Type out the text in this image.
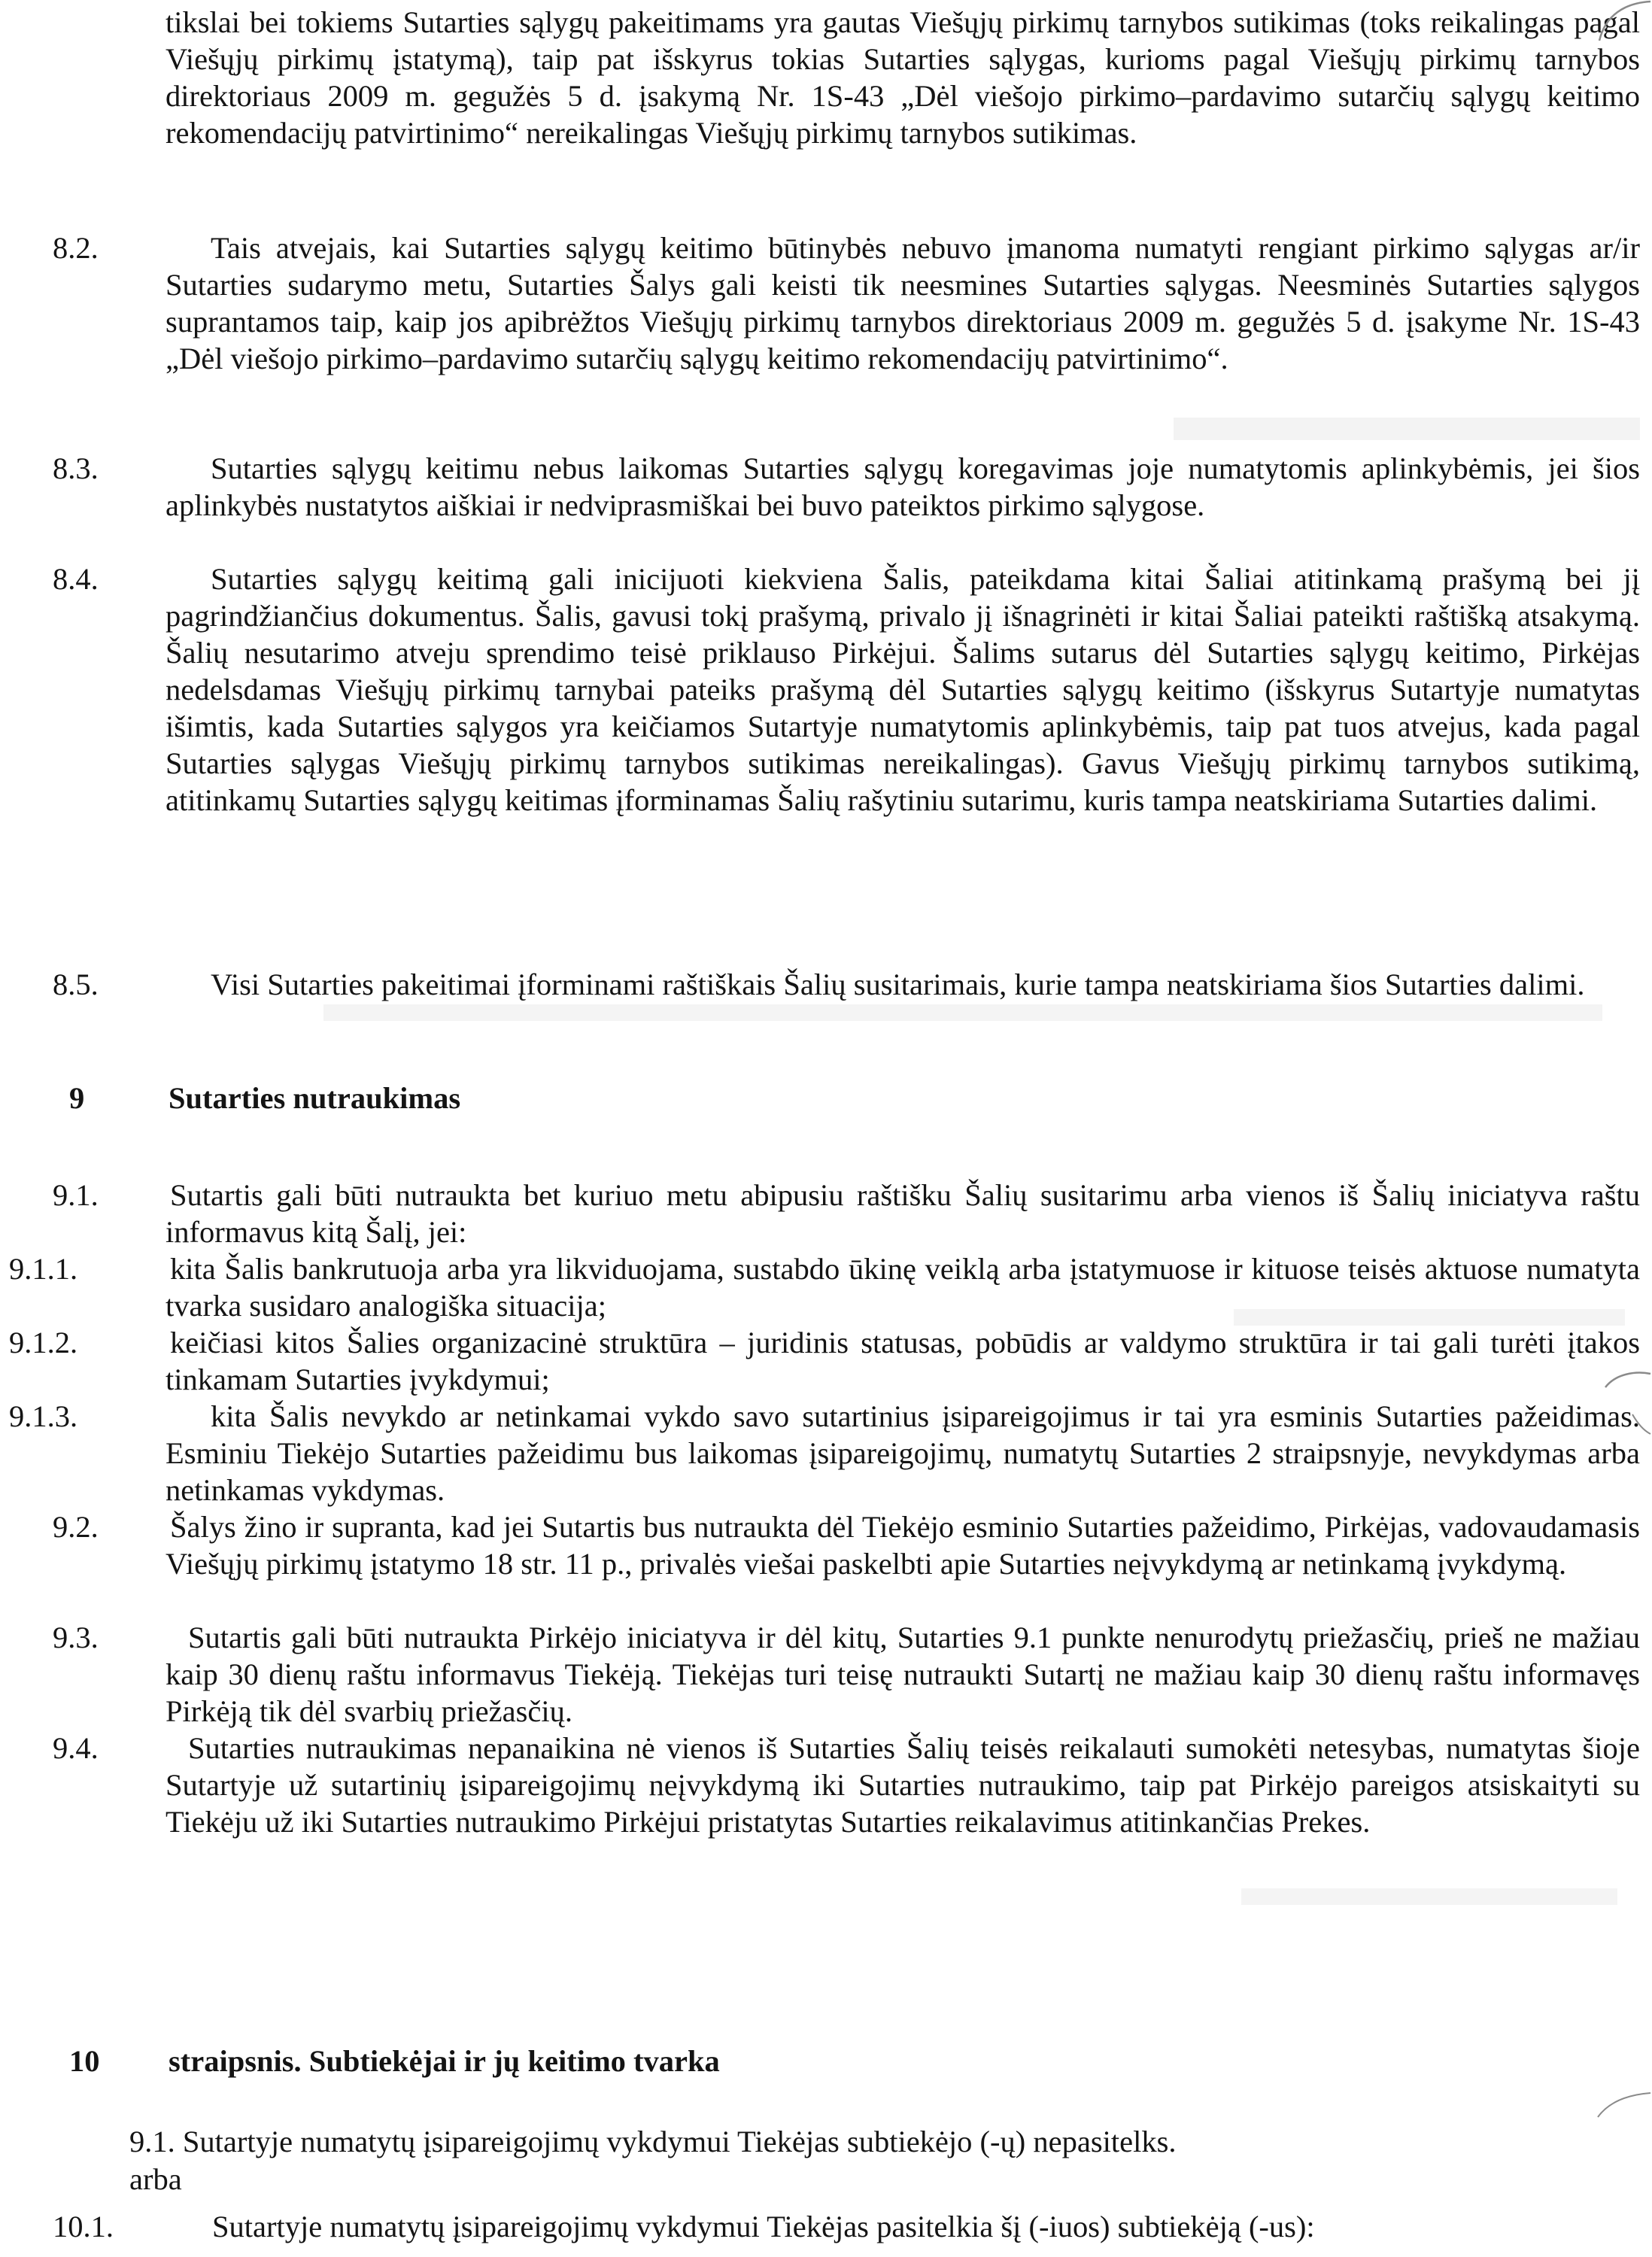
tikslai bei tokiems Sutarties sąlygų pakeitimams yra gautas Viešųjų pirkimų tarnybos sutikimas (toks reikalingas pagal Viešųjų pirkimų įstatymą), taip pat išskyrus tokias Sutarties sąlygas, kurioms pagal Viešųjų pirkimų tarnybos direktoriaus 2009 m. gegužės 5 d. įsakymą Nr. 1S-43 „Dėl viešojo pirkimo–pardavimo sutarčių sąlygų keitimo rekomendacijų patvirtinimo“ nereikalingas Viešųjų pirkimų tarnybos sutikimas.
8.2.	Tais atvejais, kai Sutarties sąlygų keitimo būtinybės nebuvo įmanoma numatyti rengiant pirkimo sąlygas ar/ir Sutarties sudarymo metu, Sutarties Šalys gali keisti tik neesmines Sutarties sąlygas. Neesminės Sutarties sąlygos suprantamos taip, kaip jos apibrėžtos Viešųjų pirkimų tarnybos direktoriaus 2009 m. gegužės 5 d. įsakyme Nr. 1S-43 „Dėl viešojo pirkimo–pardavimo sutarčių sąlygų keitimo rekomendacijų patvirtinimo“.
8.3.	Sutarties sąlygų keitimu nebus laikomas Sutarties sąlygų koregavimas joje numatytomis aplinkybėmis, jei šios aplinkybės nustatytos aiškiai ir nedviprasmiškai bei buvo pateiktos pirkimo sąlygose.
8.4.	Sutarties sąlygų keitimą gali inicijuoti kiekviena Šalis, pateikdama kitai Šaliai atitinkamą prašymą bei jį pagrindžiančius dokumentus. Šalis, gavusi tokį prašymą, privalo jį išnagrinėti ir kitai Šaliai pateikti raštišką atsakymą. Šalių nesutarimo atveju sprendimo teisė priklauso Pirkėjui. Šalims sutarus dėl Sutarties sąlygų keitimo, Pirkėjas nedelsdamas Viešųjų pirkimų tarnybai pateiks prašymą dėl Sutarties sąlygų keitimo (išskyrus Sutartyje numatytas išimtis, kada Sutarties sąlygos yra keičiamos Sutartyje numatytomis aplinkybėmis, taip pat tuos atvejus, kada pagal Sutarties sąlygas Viešųjų pirkimų tarnybos sutikimas nereikalingas). Gavus Viešųjų pirkimų tarnybos sutikimą, atitinkamų Sutarties sąlygų keitimas įforminamas Šalių rašytiniu sutarimu, kuris tampa neatskiriama Sutarties dalimi.
8.5.	Visi Sutarties pakeitimai įforminami raštiškais Šalių susitarimais, kurie tampa neatskiriama šios Sutarties dalimi.
9	Sutarties nutraukimas
9.1. Sutartis gali būti nutraukta bet kuriuo metu abipusiu raštišku Šalių susitarimu arba vienos iš Šalių iniciatyva raštu informavus kitą Šalį, jei:
9.1.1.	kita Šalis bankrutuoja arba yra likviduojama, sustabdo ūkinę veiklą arba įstatymuose ir kituose teisės aktuose numatyta tvarka susidaro analogiška situacija;
9.1.2.	keičiasi kitos Šalies organizacinė struktūra – juridinis statusas, pobūdis ar valdymo struktūra ir tai gali turėti įtakos tinkamam Sutarties įvykdymui;
9.1.3.	kita Šalis nevykdo ar netinkamai vykdo savo sutartinius įsipareigojimus ir tai yra esminis Sutarties pažeidimas. Esminiu Tiekėjo Sutarties pažeidimu bus laikomas įsipareigojimų, numatytų Sutarties 2 straipsnyje, nevykdymas arba netinkamas vykdymas.
9.2. Šalys žino ir supranta, kad jei Sutartis bus nutraukta dėl Tiekėjo esminio Sutarties pažeidimo, Pirkėjas, vadovaudamasis Viešųjų pirkimų įstatymo 18 str. 11 p., privalės viešai paskelbti apie Sutarties neįvykdymą ar netinkamą įvykdymą.
9.3.	Sutartis gali būti nutraukta Pirkėjo iniciatyva ir dėl kitų, Sutarties 9.1 punkte nenurodytų priežasčių, prieš ne mažiau kaip 30 dienų raštu informavus Tiekėją. Tiekėjas turi teisę nutraukti Sutartį ne mažiau kaip 30 dienų raštu informavęs Pirkėją tik dėl svarbių priežasčių.
9.4.	Sutarties nutraukimas nepanaikina nė vienos iš Sutarties Šalių teisės reikalauti sumokėti netesybas, numatytas šioje Sutartyje už sutartinių įsipareigojimų neįvykdymą iki Sutarties nutraukimo, taip pat Pirkėjo pareigos atsiskaityti su Tiekėju už iki Sutarties nutraukimo Pirkėjui pristatytas Sutarties reikalavimus atitinkančias Prekes.
10 straipsnis. Subtiekėjai ir jų keitimo tvarka
9.1. Sutartyje numatytų įsipareigojimų vykdymui Tiekėjas subtiekėjo (-ų) nepasitelks.
arba
10.1.	Sutartyje numatytų įsipareigojimų vykdymui Tiekėjas pasitelkia šį (-iuos) subtiekėją (-us):
